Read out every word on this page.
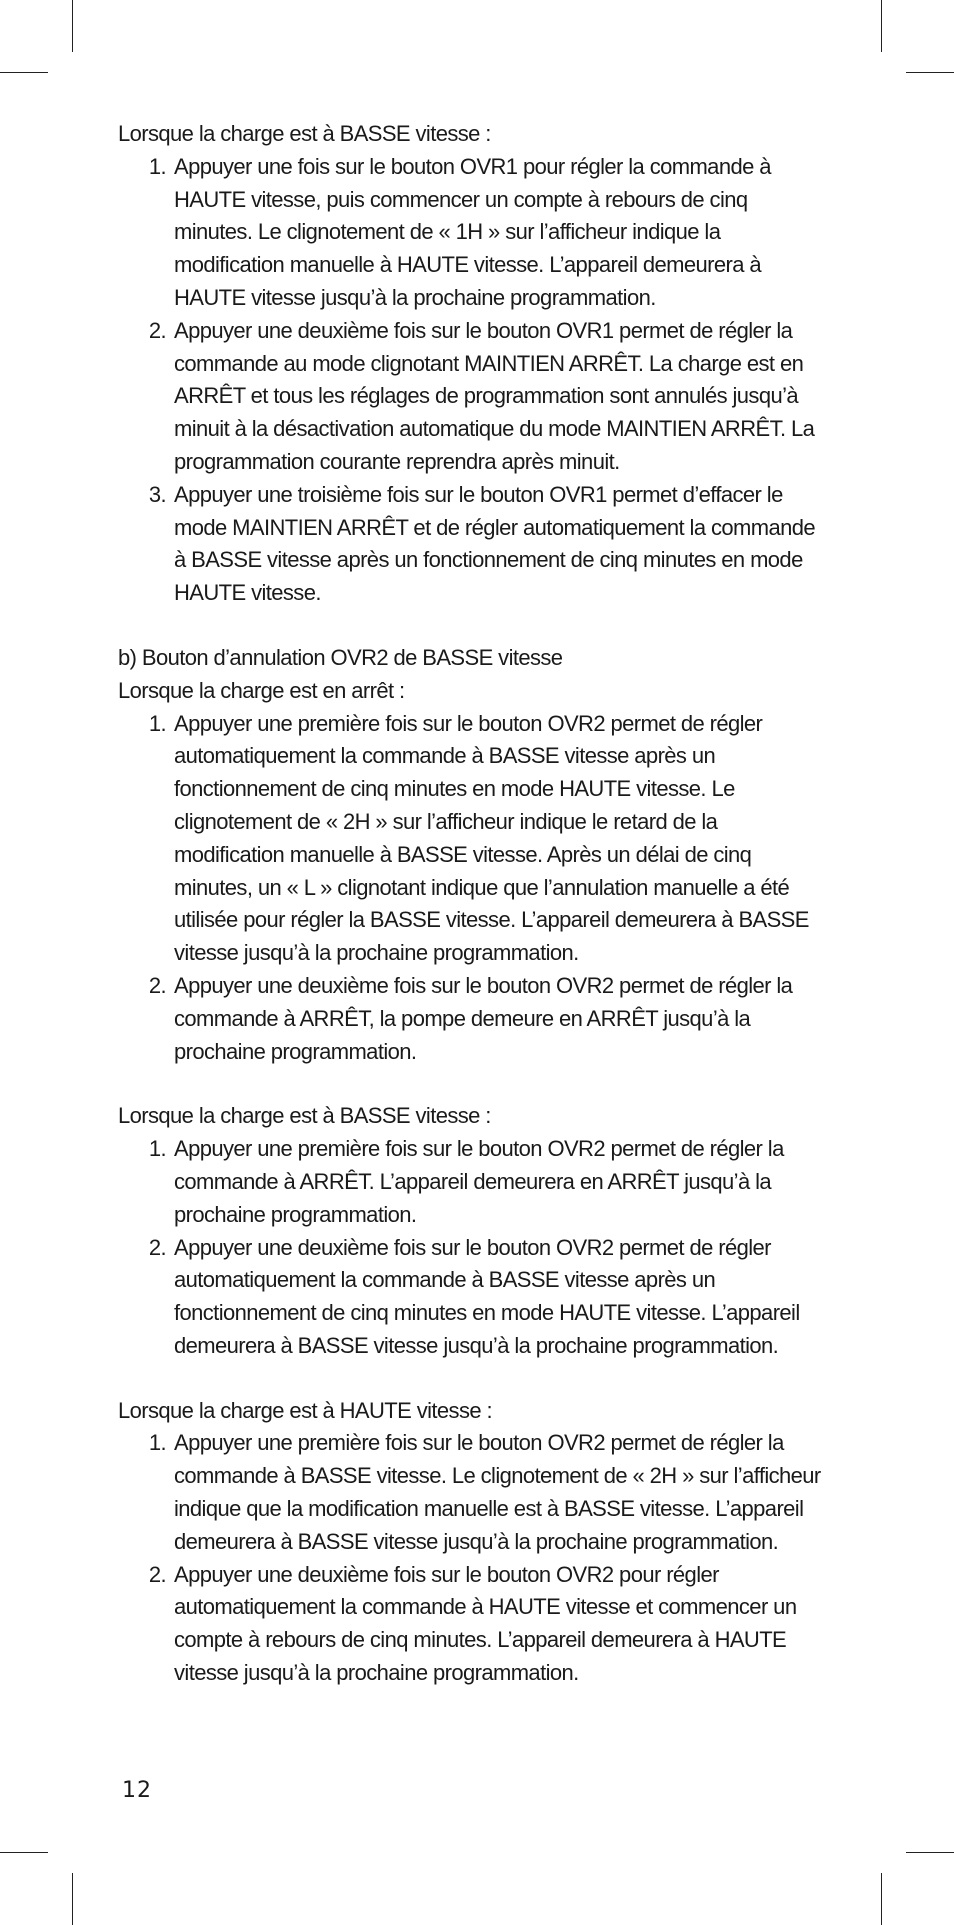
Lorsque la charge est à BASSE vitesse :

1. Appuyer une fois sur le bouton OVR1 pour régler la commande à HAUTE vitesse, puis commencer un compte à rebours de cinq minutes. Le clignotement de « 1H » sur l’afficheur indique la modification manuelle à HAUTE vitesse. L’appareil demeurera à HAUTE vitesse jusqu’à la prochaine programmation.
2. Appuyer une deuxième fois sur le bouton OVR1 permet de régler la commande au mode clignotant MAINTIEN ARRÊT. La charge est en ARRÊT et tous les réglages de programmation sont annulés jusqu’à minuit à la désactivation automatique du mode MAINTIEN ARRÊT. La programmation courante reprendra après minuit.
3. Appuyer une troisième fois sur le bouton OVR1 permet d’effacer le mode MAINTIEN ARRÊT et de régler automatiquement la commande à BASSE vitesse après un fonctionnement de cinq minutes en mode HAUTE vitesse.

b) Bouton d’annulation OVR2 de BASSE vitesse

Lorsque la charge est en arrêt :

1. Appuyer une première fois sur le bouton OVR2 permet de régler automatiquement la commande à BASSE vitesse après un fonctionnement de cinq minutes en mode HAUTE vitesse. Le clignotement de « 2H » sur l’afficheur indique le retard de la modification manuelle à BASSE vitesse. Après un délai de cinq minutes, un « L » clignotant indique que l’annulation manuelle a été utilisée pour régler la BASSE vitesse. L’appareil demeurera à BASSE vitesse jusqu’à la prochaine programmation.
2. Appuyer une deuxième fois sur le bouton OVR2 permet de régler la commande à ARRÊT, la pompe demeure en ARRÊT jusqu’à la prochaine programmation.

Lorsque la charge est à BASSE vitesse :

1. Appuyer une première fois sur le bouton OVR2 permet de régler la commande à ARRÊT. L’appareil demeurera en ARRÊT jusqu’à la prochaine programmation.
2. Appuyer une deuxième fois sur le bouton OVR2 permet de régler automatiquement la commande à BASSE vitesse après un fonctionnement de cinq minutes en mode HAUTE vitesse. L’appareil demeurera à BASSE vitesse jusqu’à la prochaine programmation.

Lorsque la charge est à HAUTE vitesse :

1. Appuyer une première fois sur le bouton OVR2 permet de régler la commande à BASSE vitesse. Le clignotement de « 2H » sur l’afficheur indique que la modification manuelle est à BASSE vitesse. L’appareil demeurera à BASSE vitesse jusqu’à la prochaine programmation.
2. Appuyer une deuxième fois sur le bouton OVR2 pour régler automatiquement la commande à HAUTE vitesse et commencer un compte à rebours de cinq minutes. L’appareil demeurera à HAUTE vitesse jusqu’à la prochaine programmation.
12
